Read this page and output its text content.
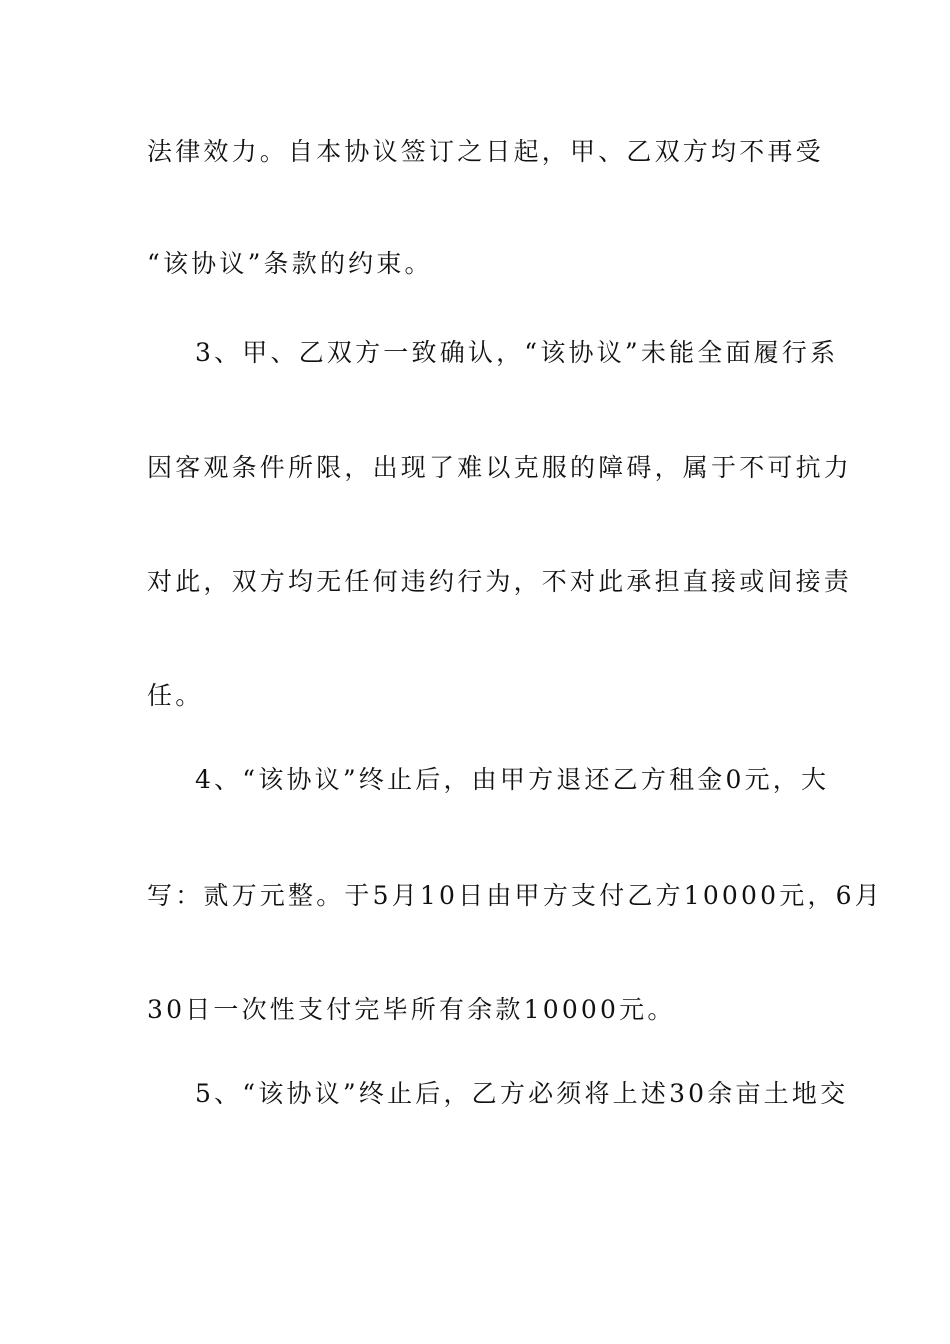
法律效力。自本协议签订之日起，甲、乙双方均不再受
“该协议”条款的约束。
3、甲、乙双方一致确认，“该协议”未能全面履行系
因客观条件所限，出现了难以克服的障碍，属于不可抗力
对此，双方均无任何违约行为，不对此承担直接或间接责
任。
4、“该协议”终止后，由甲方退还乙方租金0元，大
写：贰万元整。于5月10日由甲方支付乙方10000元，6月
30日一次性支付完毕所有余款10000元。
5、“该协议”终止后，乙方必须将上述30余亩土地交
